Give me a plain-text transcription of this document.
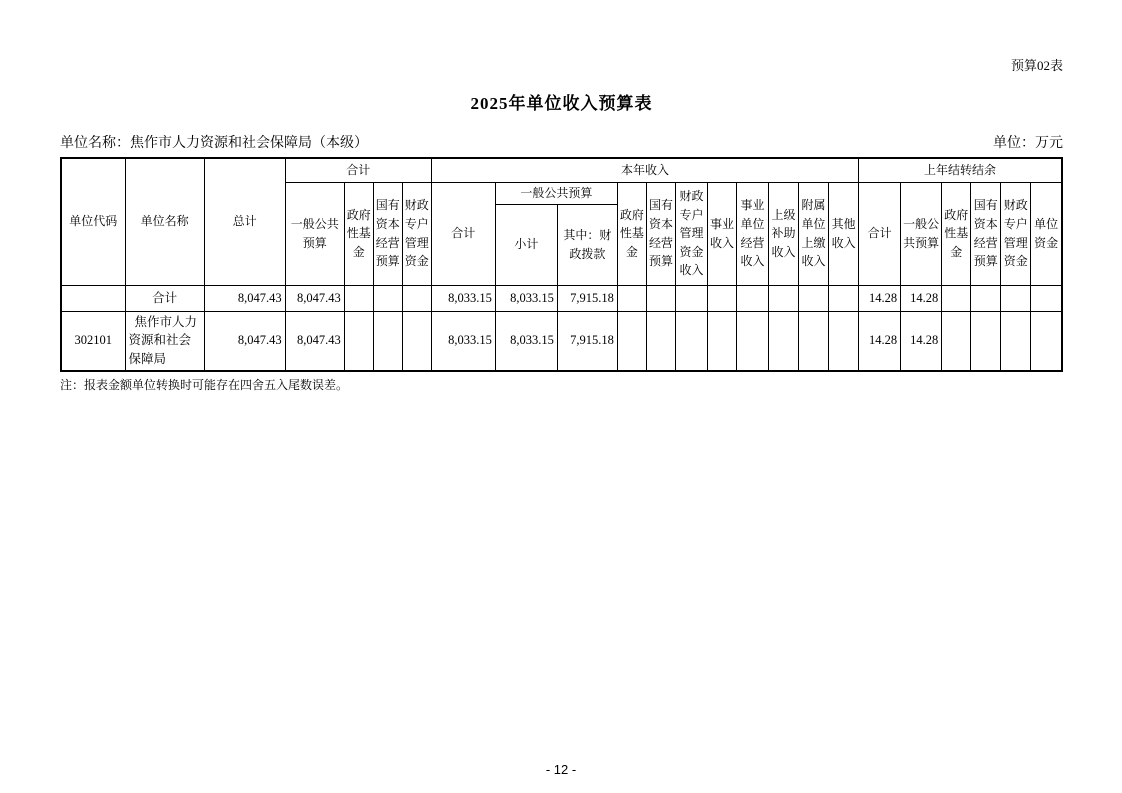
预算02表
2025年单位收入预算表
单位名称：焦作市人力资源和社会保障局（本级）	单位：万元
单位代码	单位名称	总计	合计				本年收入											上年结转结余					
			一般公共预算	政府性基金	国有资本经营预算	财政专户管理资金	合计	一般公共预算		政府性基金	国有资本经营预算	财政专户管理资金收入	事业收入	事业单位经营收入	上级补助收入	附属单位上缴收入	其他收入	合计	一般公共预算	政府性基金	国有资本经营预算	财政专户管理资金	单位资金
								小计	其中：财政拨款														
	合计	8,047.43	8,047.43				8,033.15	8,033.15	7,915.18									14.28	14.28				
302101	焦作市人力资源和社会保障局	8,047.43	8,047.43				8,033.15	8,033.15	7,915.18									14.28	14.28				
注：报表金额单位转换时可能存在四舍五入尾数误差。
- 12 -
